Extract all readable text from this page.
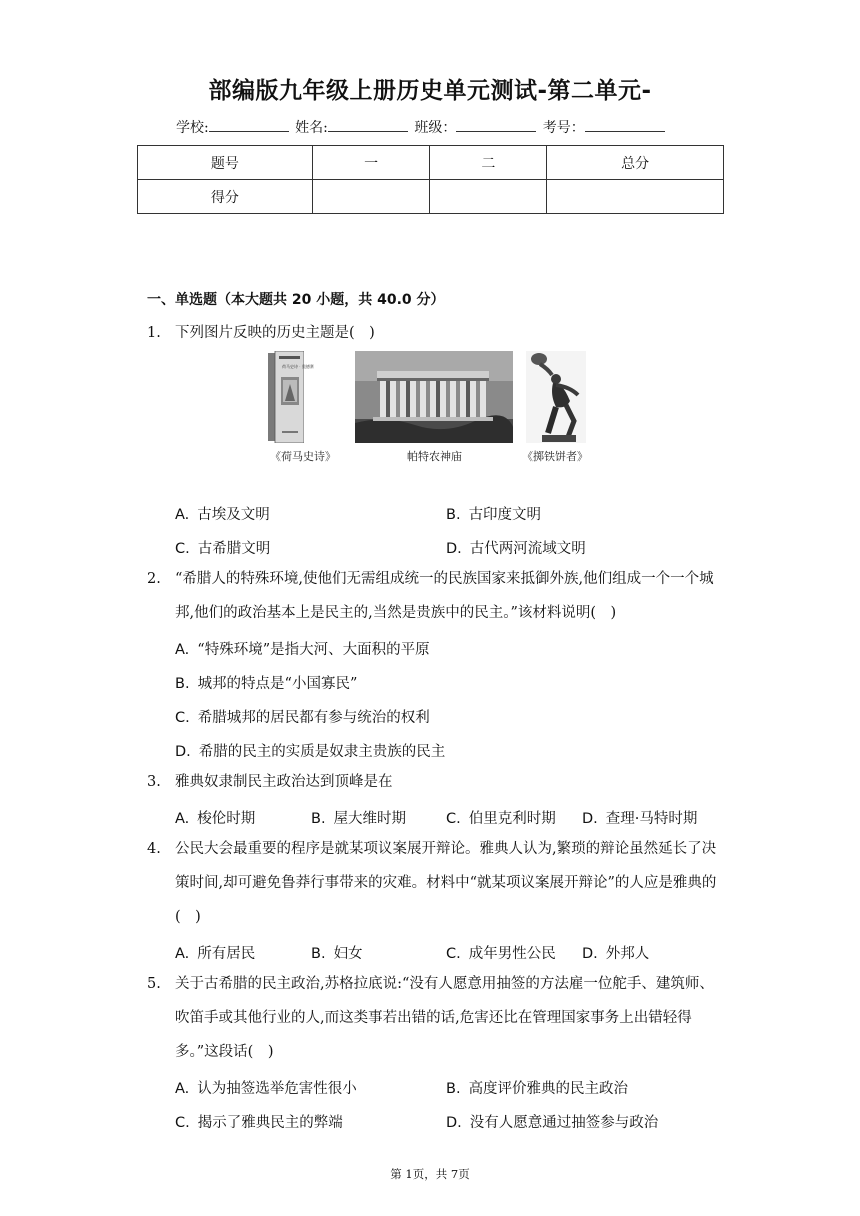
部编版九年级上册历史单元测试-第二单元-
学校:	姓名:	班级：	考号：
题号	一	二	总分
得分			
一、单选题（本大题共 20 小题，共 40.0 分）
1. 下列图片反映的历史主题是(　)
荷马史诗 · 奥德赛
《荷马史诗》	帕特农神庙	《掷铁饼者》
A. 古埃及文明	B. 古印度文明
C. 古希腊文明	D. 古代两河流域文明
2. “希腊人的特殊环境,使他们无需组成统一的民族国家来抵御外族,他们组成一个一个城邦,他们的政治基本上是民主的,当然是贵族中的民主。”该材料说明(　)
A. “特殊环境”是指大河、大面积的平原
B. 城邦的特点是“小国寡民”
C. 希腊城邦的居民都有参与统治的权利
D. 希腊的民主的实质是奴隶主贵族的民主
3. 雅典奴隶制民主政治达到顶峰是在
A. 梭伦时期	B. 屋大维时期	C. 伯里克利时期 D. 查理·马特时期
4. 公民大会最重要的程序是就某项议案展开辩论。雅典人认为,繁琐的辩论虽然延长了决策时间,却可避免鲁莽行事带来的灾难。材料中“就某项议案展开辩论”的人应是雅典的(　)
A. 所有居民	B. 妇女	C. 成年男性公民 D. 外邦人
5. 关于古希腊的民主政治,苏格拉底说:“没有人愿意用抽签的方法雇一位舵手、建筑师、吹笛手或其他行业的人,而这类事若出错的话,危害还比在管理国家事务上出错轻得多。”这段话(　)
A. 认为抽签选举危害性很小	B. 高度评价雅典的民主政治
C. 揭示了雅典民主的弊端	D. 没有人愿意通过抽签参与政治
第 1页，共 7页
